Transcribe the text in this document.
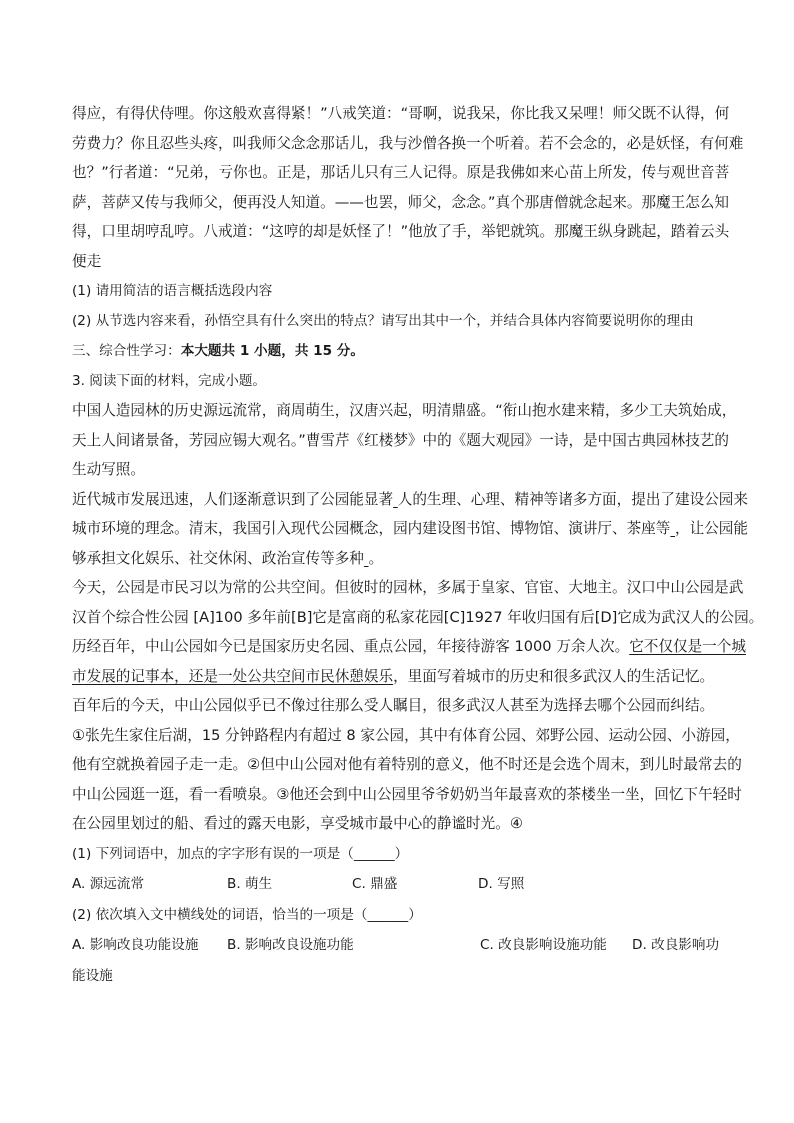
得应，有得伏侍哩。你这般欢喜得紧！”八戒笑道：“哥啊，说我呆，你比我又呆哩！师父既不认得，何
劳费力？你且忍些头疼，叫我师父念念那话儿，我与沙僧各换一个听着。若不会念的，必是妖怪，有何难
也？”行者道：“兄弟，亏你也。正是，那话儿只有三人记得。原是我佛如来心苗上所发，传与观世音菩
萨，菩萨又传与我师父，便再没人知道。——也罢，师父，念念。”真个那唐僧就念起来。那魔王怎么知
得，口里胡哼乱哼。八戒道：“这哼的却是妖怪了！”他放了手，举钯就筑。那魔王纵身跳起，踏着云头
便走
(1) 请用简洁的语言概括选段内容
(2) 从节选内容来看，孙悟空具有什么突出的特点？请写出其中一个，并结合具体内容简要说明你的理由
三、综合性学习：本大题共 1 小题，共 15 分。
3. 阅读下面的材料，完成小题。
中国人造园林的历史源远流常，商周萌生，汉唐兴起，明清鼎盛。“衔山抱水建来精，多少工夫筑始成，
天上人间诸景备，芳园应锡大观名。”曹雪芹《红楼梦》中的《题大观园》一诗，是中国古典园林技艺的
生动写照。
近代城市发展迅速，人们逐渐意识到了公园能显著 人的生理、心理、精神等诸多方面，提出了建设公园来
城市环境的理念。清末，我国引入现代公园概念，园内建设图书馆、博物馆、演讲厅、茶座等 ，让公园能
够承担文化娱乐、社交休闲、政治宣传等多种 。
今天，公园是市民习以为常的公共空间。但彼时的园林，多属于皇家、官宦、大地主。汉口中山公园是武
汉首个综合性公园 [A]100 多年前[B]它是富商的私家花园[C]1927 年收归国有后[D]它成为武汉人的公园。
历经百年，中山公园如今已是国家历史名园、重点公园，年接待游客 1000 万余人次。它不仅仅是一个城
市发展的记事本，还是一处公共空间市民休憩娱乐，里面写着城市的历史和很多武汉人的生活记忆。
百年后的今天，中山公园似乎已不像过往那么受人瞩目，很多武汉人甚至为选择去哪个公园而纠结。
①张先生家住后湖，15 分钟路程内有超过 8 家公园，其中有体育公园、郊野公园、运动公园、小游园，
他有空就换着园子走一走。②但中山公园对他有着特别的意义，他不时还是会选个周末，到儿时最常去的
中山公园逛一逛，看一看喷泉。③他还会到中山公园里爷爷奶奶当年最喜欢的茶楼坐一坐，回忆下午轻时
在公园里划过的船、看过的露天电影，享受城市最中心的静谧时光。④
(1) 下列词语中，加点的字字形有误的一项是（______）
A. 源远流常	B. 萌生	C. 鼎盛	D. 写照
(2) 依次填入文中横线处的词语，恰当的一项是（______）
A. 影响改良功能设施 B. 影响改良设施功能	C. 改良影响设施功能 D. 改良影响功
能设施
